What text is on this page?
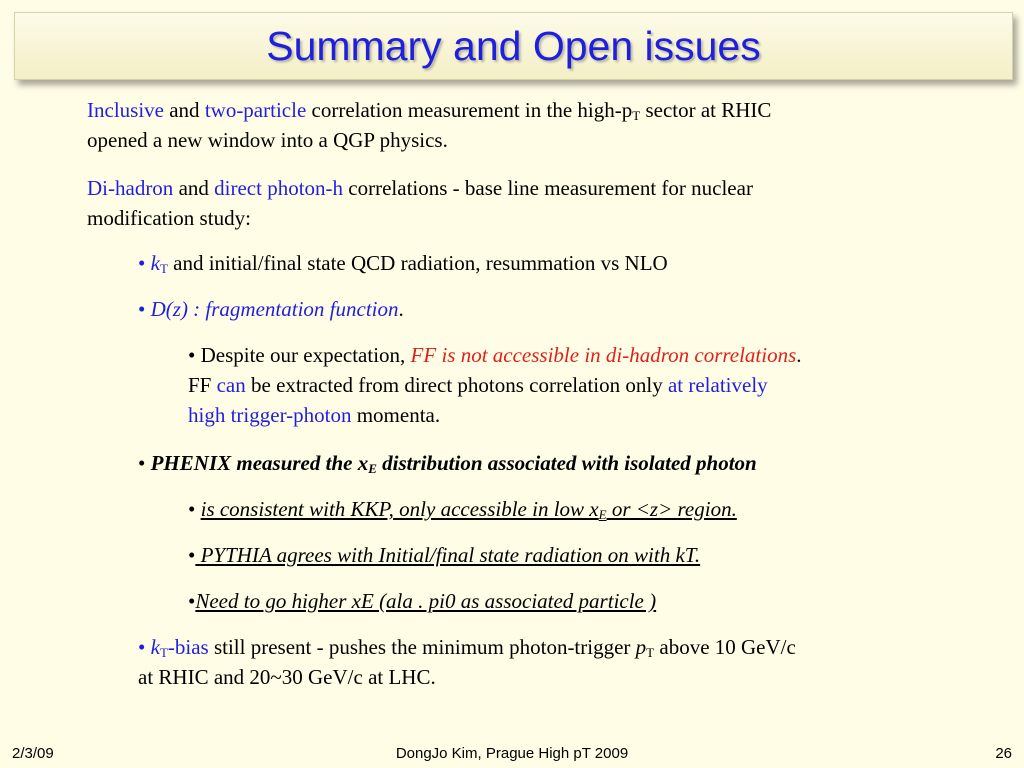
Summary and Open issues

Inclusive and two-particle correlation measurement in the high-$p_T$ sector at RHIC
opened a new window into a QGP physics.

Di-hadron and direct photon-h correlations - base line measurement for nuclear
modification study:

• $k_T$ and initial/final state QCD radiation, resummation vs NLO

• D(z) : fragmentation function.

• Despite our expectation, FF is not accessible in di-hadron correlations.
FF can be extracted from direct photons correlation only at relatively
high trigger-photon momenta.

• PHENIX measured the $x_E$ distribution associated with isolated photon

• is consistent with KKP, only accessible in low $x_E$ or <z> region.

• PYTHIA agrees with Initial/final state radiation on with kT.

•Need to go higher xE (ala . pi0 as associated particle )

• $k_T$-bias still present - pushes the minimum photon-trigger $p_T$ above 10 GeV/c
at RHIC and 20~30 GeV/c at LHC.

2/3/09	DongJo Kim, Prague High pT 2009	26
